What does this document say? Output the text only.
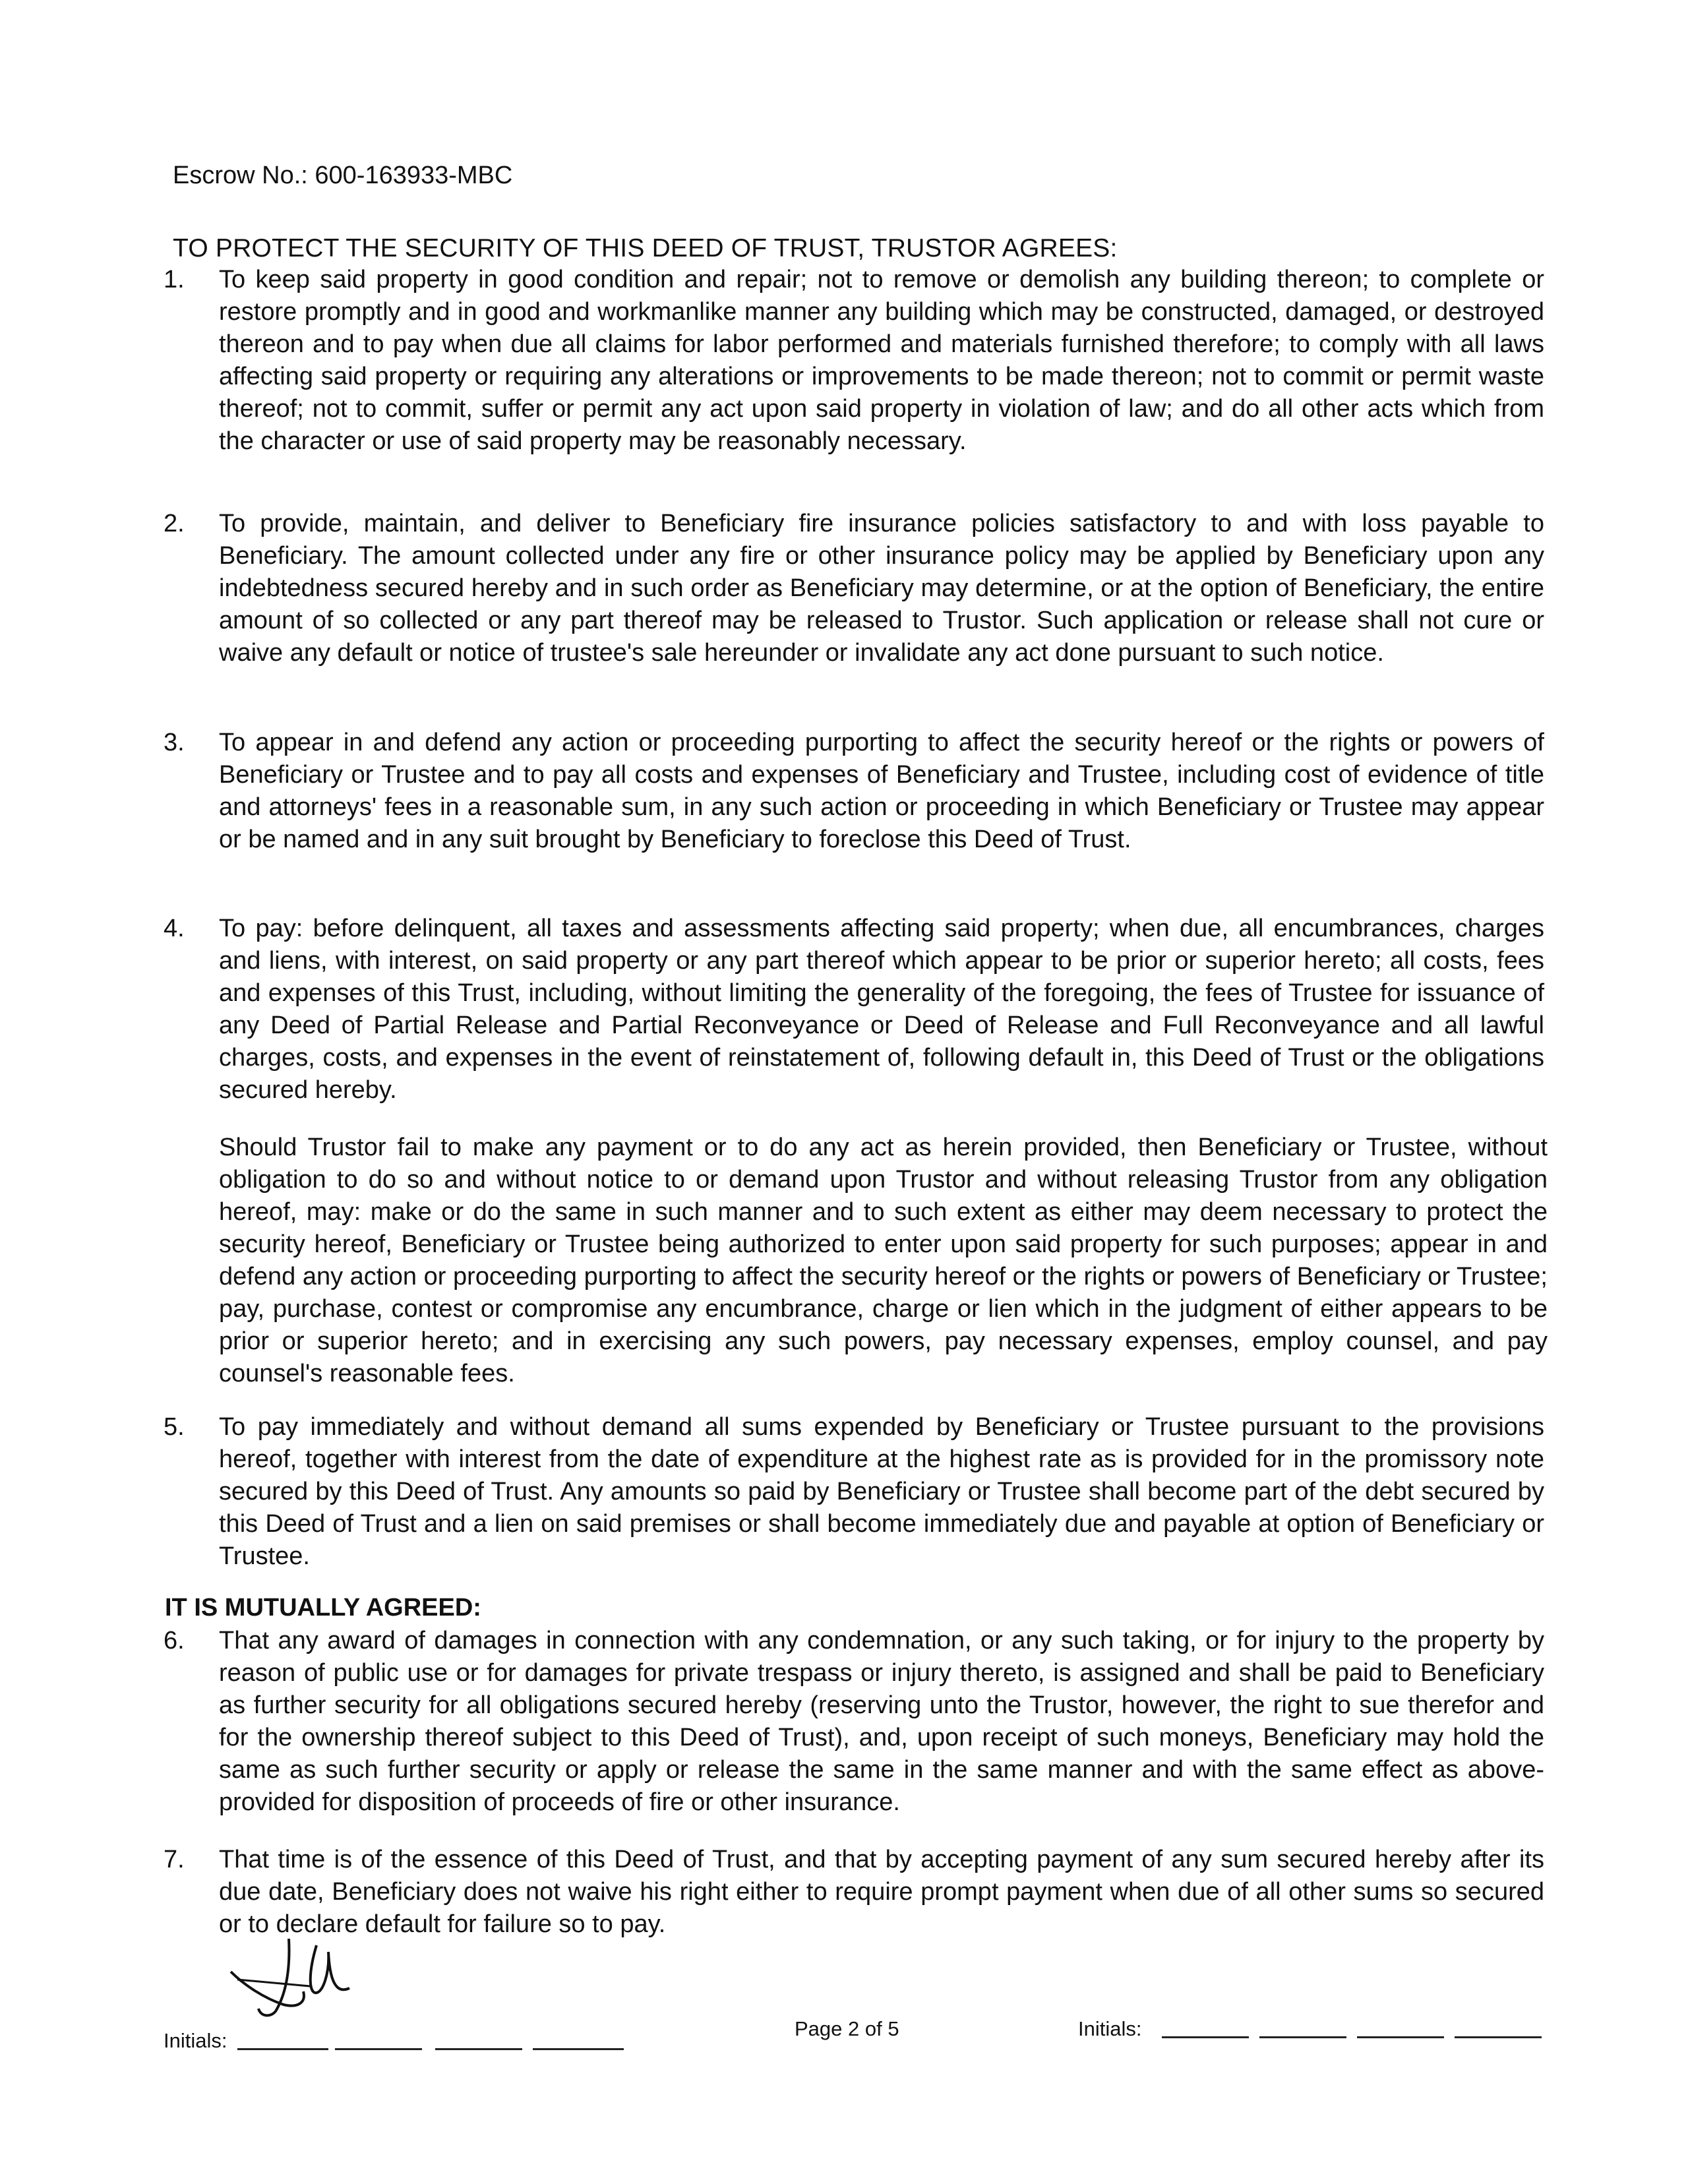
Escrow No.: 600-163933-MBC
TO PROTECT THE SECURITY OF THIS DEED OF TRUST, TRUSTOR AGREES:
1.	To keep said property in good condition and repair; not to remove or demolish any building thereon; to complete or restore promptly and in good and workmanlike manner any building which may be constructed, damaged, or destroyed thereon and to pay when due all claims for labor performed and materials furnished therefore; to comply with all laws affecting said property or requiring any alterations or improvements to be made thereon; not to commit or permit waste thereof; not to commit, suffer or permit any act upon said property in violation of law; and do all other acts which from the character or use of said property may be reasonably necessary.
2.	To provide, maintain, and deliver to Beneficiary fire insurance policies satisfactory to and with loss payable to Beneficiary. The amount collected under any fire or other insurance policy may be applied by Beneficiary upon any indebtedness secured hereby and in such order as Beneficiary may determine, or at the option of Beneficiary, the entire amount of so collected or any part thereof may be released to Trustor. Such application or release shall not cure or waive any default or notice of trustee's sale hereunder or invalidate any act done pursuant to such notice.
3.	To appear in and defend any action or proceeding purporting to affect the security hereof or the rights or powers of Beneficiary or Trustee and to pay all costs and expenses of Beneficiary and Trustee, including cost of evidence of title and attorneys' fees in a reasonable sum, in any such action or proceeding in which Beneficiary or Trustee may appear or be named and in any suit brought by Beneficiary to foreclose this Deed of Trust.
4.	To pay: before delinquent, all taxes and assessments affecting said property; when due, all encumbrances, charges and liens, with interest, on said property or any part thereof which appear to be prior or superior hereto; all costs, fees and expenses of this Trust, including, without limiting the generality of the foregoing, the fees of Trustee for issuance of any Deed of Partial Release and Partial Reconveyance or Deed of Release and Full Reconveyance and all lawful charges, costs, and expenses in the event of reinstatement of, following default in, this Deed of Trust or the obligations secured hereby.
Should Trustor fail to make any payment or to do any act as herein provided, then Beneficiary or Trustee, without obligation to do so and without notice to or demand upon Trustor and without releasing Trustor from any obligation hereof, may: make or do the same in such manner and to such extent as either may deem necessary to protect the security hereof, Beneficiary or Trustee being authorized to enter upon said property for such purposes; appear in and defend any action or proceeding purporting to affect the security hereof or the rights or powers of Beneficiary or Trustee; pay, purchase, contest or compromise any encumbrance, charge or lien which in the judgment of either appears to be prior or superior hereto; and in exercising any such powers, pay necessary expenses, employ counsel, and pay counsel's reasonable fees.
5.	To pay immediately and without demand all sums expended by Beneficiary or Trustee pursuant to the provisions hereof, together with interest from the date of expenditure at the highest rate as is provided for in the promissory note secured by this Deed of Trust. Any amounts so paid by Beneficiary or Trustee shall become part of the debt secured by this Deed of Trust and a lien on said premises or shall become immediately due and payable at option of Beneficiary or Trustee.
IT IS MUTUALLY AGREED:
6.	That any award of damages in connection with any condemnation, or any such taking, or for injury to the property by reason of public use or for damages for private trespass or injury thereto, is assigned and shall be paid to Beneficiary as further security for all obligations secured hereby (reserving unto the Trustor, however, the right to sue therefor and for the ownership thereof subject to this Deed of Trust), and, upon receipt of such moneys, Beneficiary may hold the same as such further security or apply or release the same in the same manner and with the same effect as above-provided for disposition of proceeds of fire or other insurance.
7.	That time is of the essence of this Deed of Trust, and that by accepting payment of any sum secured hereby after its due date, Beneficiary does not waive his right either to require prompt payment when due of all other sums so secured or to declare default for failure so to pay.
Initials:
Page 2 of 5	Initials:
